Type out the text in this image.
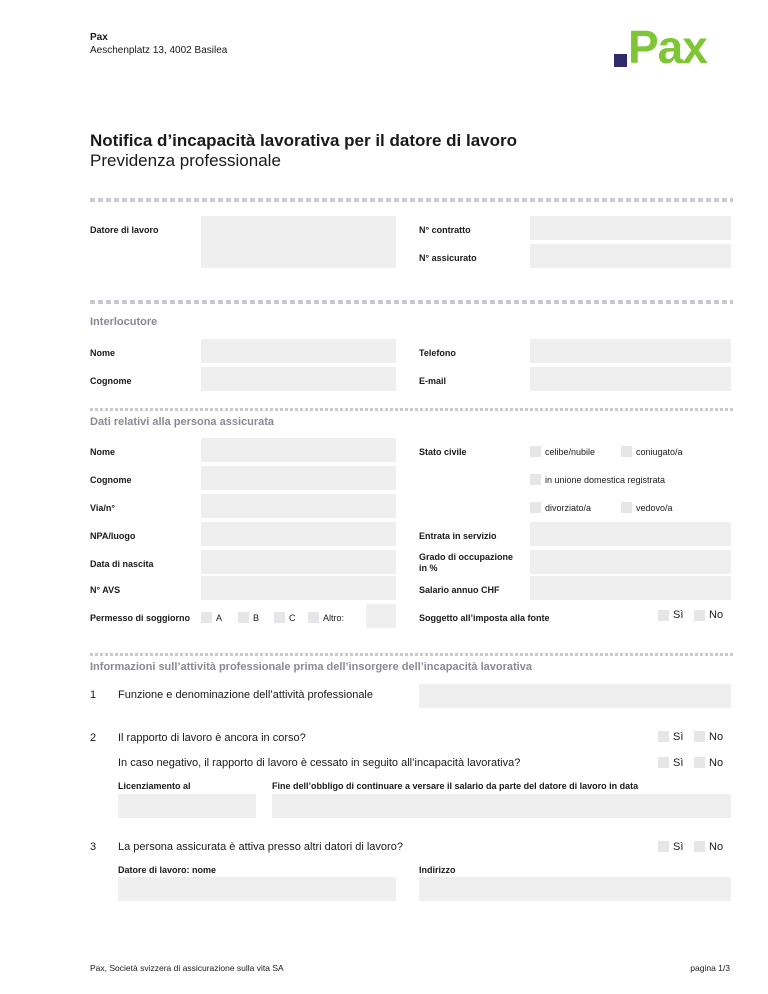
Pax
Aeschenplatz 13, 4002 Basilea	Pax
Notifica d’incapacità lavorativa per il datore di lavoro
Previdenza professionale
Datore di lavoro	N° contratto
N° assicurato
Interlocutore
Nome	Telefono
Cognome	E-mail
Dati relativi alla persona assicurata
Nome
Cognome
Via/n°
NPA/luogo
Data di nascita
N° AVS
Permesso di soggiorno	A	B	C	Altro:
Stato civile	celibe/nubile	coniugato/a
in unione domestica registrata
divorziato/a	vedovo/a
Entrata in servizio
Grado di occupazione
in %
Salario annuo CHF
Soggetto all’imposta alla fonte	Sì No
Informazioni sull’attività professionale prima dell’insorgere dell’incapacità lavorativa
1 Funzione e denominazione dell’attività professionale
2 Il rapporto di lavoro è ancora in corso?	Sì No
In caso negativo, il rapporto di lavoro è cessato in seguito all’incapacità lavorativa?	Sì No
Licenziamento al	Fine dell’obbligo di continuare a versare il salario da parte del datore di lavoro in data
3 La persona assicurata è attiva presso altri datori di lavoro?	Sì No
Datore di lavoro: nome	Indirizzo
Pax, Società svizzera di assicurazione sulla vita SA	pagina 1/3
